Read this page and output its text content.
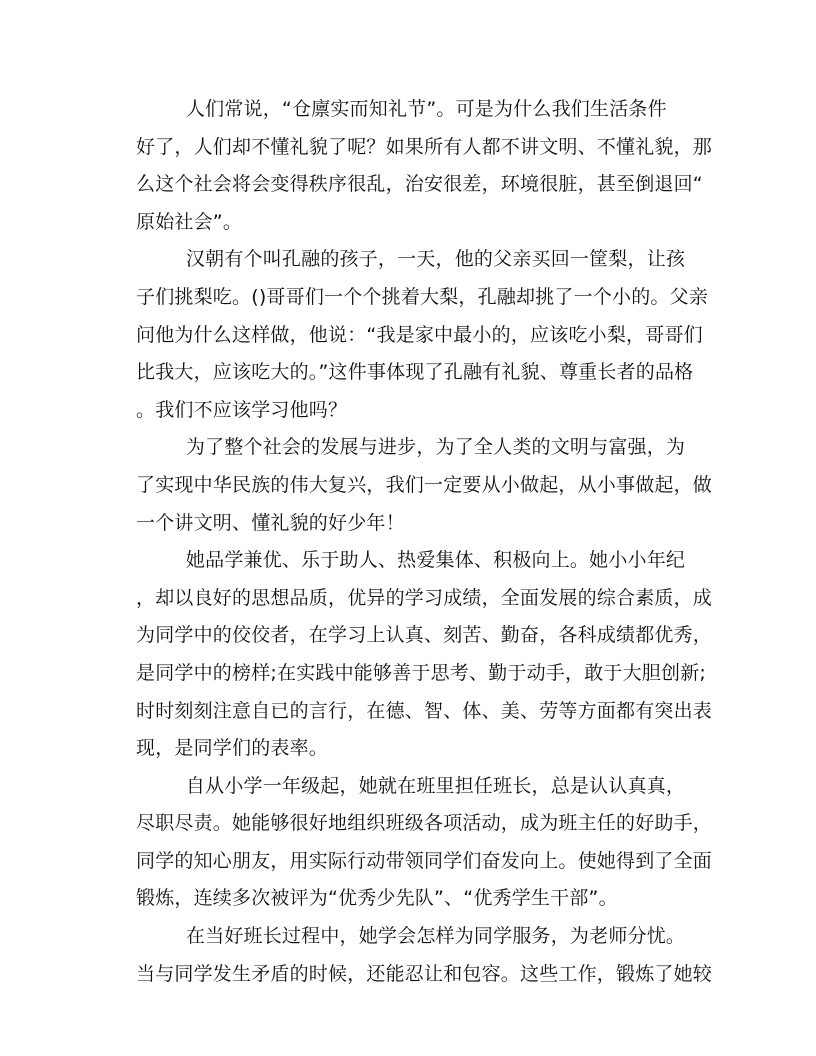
人们常说，“仓廪实而知礼节”。可是为什么我们生活条件
好了，人们却不懂礼貌了呢？如果所有人都不讲文明、不懂礼貌，那
么这个社会将会变得秩序很乱，治安很差，环境很脏，甚至倒退回“
原始社会”。
汉朝有个叫孔融的孩子，一天，他的父亲买回一筐梨，让孩
子们挑梨吃。()哥哥们一个个挑着大梨，孔融却挑了一个小的。父亲
问他为什么这样做，他说：“我是家中最小的，应该吃小梨，哥哥们
比我大，应该吃大的。”这件事体现了孔融有礼貌、尊重长者的品格
。我们不应该学习他吗？
为了整个社会的发展与进步，为了全人类的文明与富强，为
了实现中华民族的伟大复兴，我们一定要从小做起，从小事做起，做
一个讲文明、懂礼貌的好少年！
她品学兼优、乐于助人、热爱集体、积极向上。她小小年纪
，却以良好的思想品质，优异的学习成绩，全面发展的综合素质，成
为同学中的佼佼者，在学习上认真、刻苦、勤奋，各科成绩都优秀，
是同学中的榜样;在实践中能够善于思考、勤于动手，敢于大胆创新;
时时刻刻注意自已的言行，在德、智、体、美、劳等方面都有突出表
现，是同学们的表率。
自从小学一年级起，她就在班里担任班长，总是认认真真，
尽职尽责。她能够很好地组织班级各项活动，成为班主任的好助手，
同学的知心朋友，用实际行动带领同学们奋发向上。使她得到了全面
锻炼，连续多次被评为“优秀少先队”、“优秀学生干部”。
在当好班长过程中，她学会怎样为同学服务，为老师分忧。
当与同学发生矛盾的时候，还能忍让和包容。这些工作，锻炼了她较
